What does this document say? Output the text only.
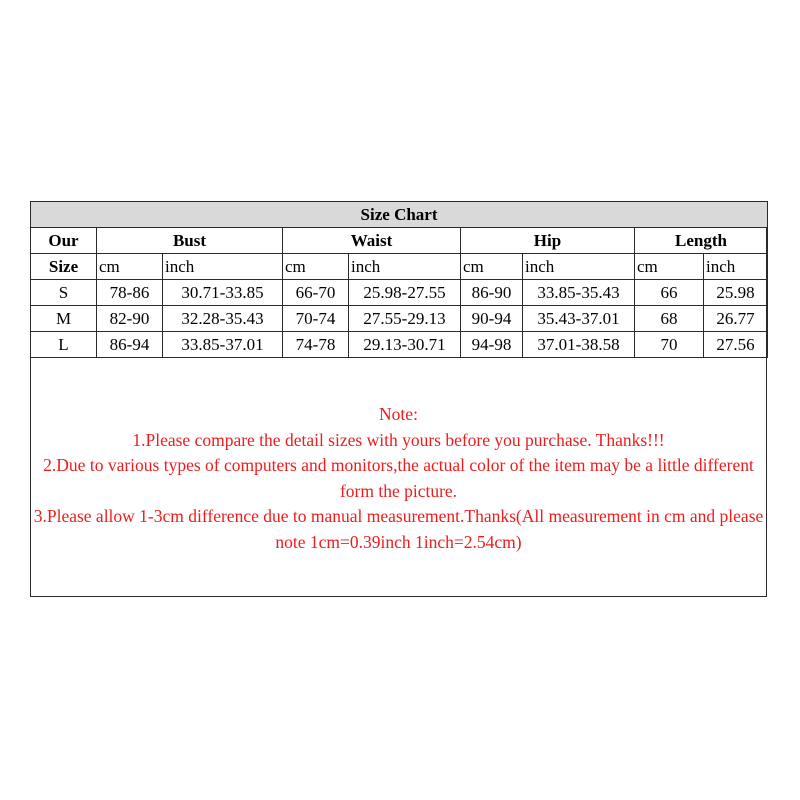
Size Chart								
Our	Bust		Waist		Hip		Length	
Size	cm	inch	cm	inch	cm	inch	cm	inch
S	78-86	30.71-33.85	66-70	25.98-27.55	86-90	33.85-35.43	66	25.98
M	82-90	32.28-35.43	70-74	27.55-29.13	90-94	35.43-37.01	68	26.77
L	86-94	33.85-37.01	74-78	29.13-30.71	94-98	37.01-38.58	70	27.56

Note:

1.Please compare the detail sizes with yours before you purchase. Thanks!!!

2.Due to various types of computers and monitors,the actual color of the item may be a little different form the picture.

3.Please allow 1-3cm difference due to manual measurement.Thanks(All measurement in cm and please note 1cm=0.39inch 1inch=2.54cm)
